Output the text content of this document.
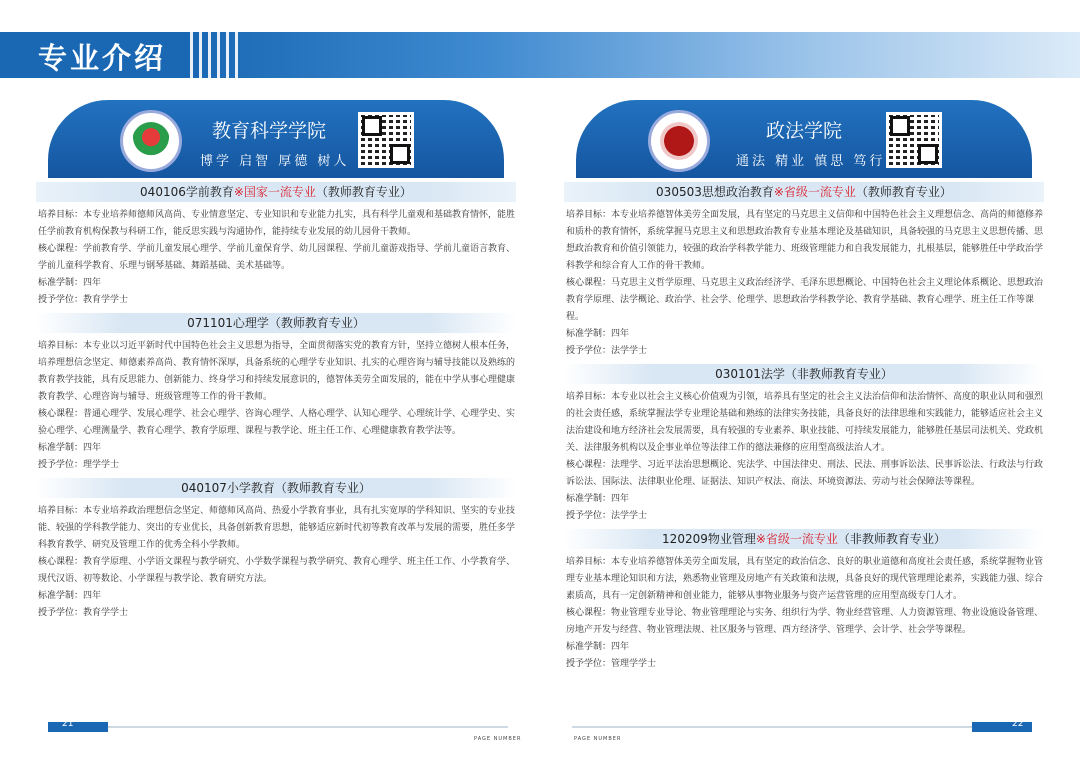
专业介绍
教育科学学院
博学 启智 厚德 树人
040106学前教育※国家一流专业（教师教育专业）

培养目标：本专业培养师德师风高尚、专业情意坚定、专业知识和专业能力扎实，具有科学儿童观和基础教育情怀，能胜任学前教育机构保教与科研工作，能反思实践与沟通协作，能持续专业发展的幼儿园骨干教师。

核心课程：学前教育学、学前儿童发展心理学、学前儿童保育学、幼儿园课程、学前儿童游戏指导、学前儿童语言教育、学前儿童科学教育、乐理与钢琴基础、舞蹈基础、美术基础等。

标准学制：四年

授予学位：教育学学士

071101心理学（教师教育专业）

培养目标：本专业以习近平新时代中国特色社会主义思想为指导，全面贯彻落实党的教育方针，坚持立德树人根本任务，培养理想信念坚定、师德素养高尚、教育情怀深厚，具备系统的心理学专业知识、扎实的心理咨询与辅导技能以及熟练的教育教学技能，具有反思能力、创新能力、终身学习和持续发展意识的，德智体美劳全面发展的，能在中学从事心理健康教育教学、心理咨询与辅导、班级管理等工作的骨干教师。

核心课程：普通心理学、发展心理学、社会心理学、咨询心理学、人格心理学、认知心理学、心理统计学、心理学史、实验心理学、心理测量学、教育心理学、教育学原理、课程与教学论、班主任工作、心理健康教育教学法等。

标准学制：四年

授予学位：理学学士

040107小学教育（教师教育专业）

培养目标：本专业培养政治理想信念坚定、师德师风高尚、热爱小学教育事业，具有扎实宽厚的学科知识、坚实的专业技能、较强的学科教学能力、突出的专业优长，具备创新教育思想，能够适应新时代初等教育改革与发展的需要，胜任多学科教育教学、研究及管理工作的优秀全科小学教师。

核心课程：教育学原理、小学语文课程与教学研究、小学数学课程与教学研究、教育心理学、班主任工作、小学教育学、现代汉语、初等数论、小学课程与教学论、教育研究方法。

标准学制：四年

授予学位：教育学学士

政法学院
通法 精业 慎思 笃行
030503思想政治教育※省级一流专业（教师教育专业）

培养目标：本专业培养德智体美劳全面发展，具有坚定的马克思主义信仰和中国特色社会主义理想信念、高尚的师德修养和质朴的教育情怀，系统掌握马克思主义和思想政治教育专业基本理论及基础知识，具备较强的马克思主义思想传播、思想政治教育和价值引领能力，较强的政治学科教学能力、班级管理能力和自我发展能力，扎根基层，能够胜任中学政治学科教学和综合育人工作的骨干教师。

核心课程：马克思主义哲学原理、马克思主义政治经济学、毛泽东思想概论、中国特色社会主义理论体系概论、思想政治教育学原理、法学概论、政治学、社会学、伦理学、思想政治学科教学论、教育学基础、教育心理学、班主任工作等课程。

标准学制：四年

授予学位：法学学士

030101法学（非教师教育专业）

培养目标：本专业以社会主义核心价值观为引领，培养具有坚定的社会主义法治信仰和法治情怀、高度的职业认同和强烈的社会责任感，系统掌握法学专业理论基础和熟练的法律实务技能，具备良好的法律思维和实践能力，能够适应社会主义法治建设和地方经济社会发展需要，具有较强的专业素养、职业技能、可持续发展能力，能够胜任基层司法机关、党政机关、法律服务机构以及企事业单位等法律工作的德法兼修的应用型高级法治人才。

核心课程：法理学、习近平法治思想概论、宪法学、中国法律史、刑法、民法、刑事诉讼法、民事诉讼法、行政法与行政诉讼法、国际法、法律职业伦理、证据法、知识产权法、商法、环境资源法、劳动与社会保障法等课程。

标准学制：四年

授予学位：法学学士

120209物业管理※省级一流专业（非教师教育专业）

培养目标：本专业培养德智体美劳全面发展，具有坚定的政治信念、良好的职业道德和高度社会责任感，系统掌握物业管理专业基本理论知识和方法，熟悉物业管理及房地产有关政策和法规，具备良好的现代管理理论素养，实践能力强、综合素质高，具有一定创新精神和创业能力，能够从事物业服务与资产运营管理的应用型高级专门人才。

核心课程：物业管理专业导论、物业管理理论与实务、组织行为学、物业经营管理、人力资源管理、物业设施设备管理、房地产开发与经营、物业管理法规、社区服务与管理、西方经济学、管理学、会计学、社会学等课程。

标准学制：四年

授予学位：管理学学士

21
PAGE NUMBER
22
PAGE NUMBER
